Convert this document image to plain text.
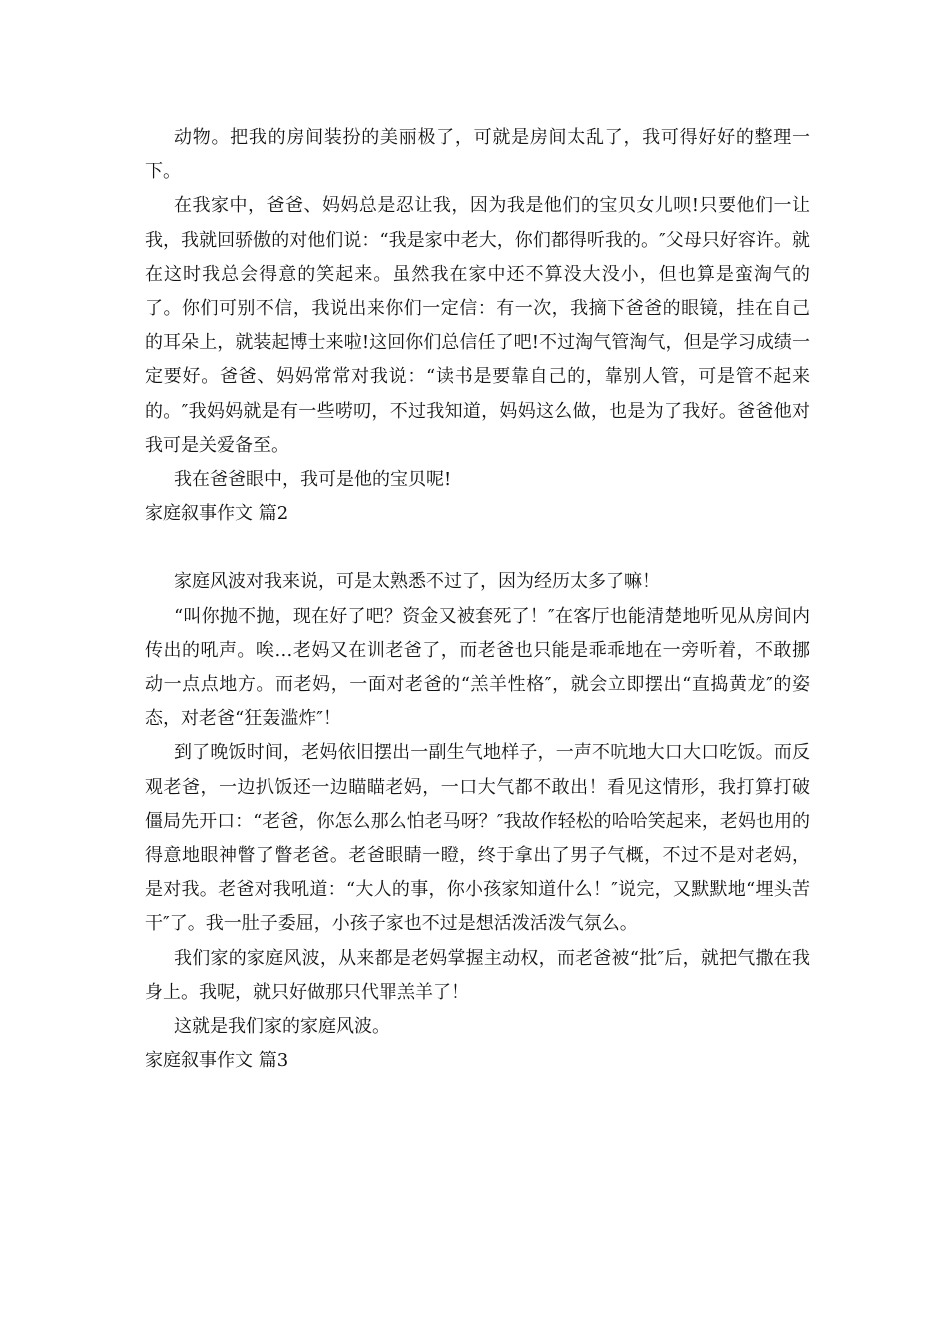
动物。把我的房间装扮的美丽极了，可就是房间太乱了，我可得好好的整理一下。

在我家中，爸爸、妈妈总是忍让我，因为我是他们的宝贝女儿呗!只要他们一让我，我就回骄傲的对他们说：“我是家中老大，你们都得听我的。″父母只好容许。就在这时我总会得意的笑起来。虽然我在家中还不算没大没小，但也算是蛮淘气的了。你们可别不信，我说出来你们一定信：有一次，我摘下爸爸的眼镜，挂在自己的耳朵上，就装起博士来啦!这回你们总信任了吧!不过淘气管淘气，但是学习成绩一定要好。爸爸、妈妈常常对我说：“读书是要靠自己的，靠别人管，可是管不起来的。″我妈妈就是有一些唠叨，不过我知道，妈妈这么做，也是为了我好。爸爸他对我可是关爱备至。

我在爸爸眼中，我可是他的宝贝呢!

家庭叙事作文 篇2

家庭风波对我来说，可是太熟悉不过了，因为经历太多了嘛！

“叫你抛不抛，现在好了吧？资金又被套死了！″在客厅也能清楚地听见从房间内传出的吼声。唉…老妈又在训老爸了，而老爸也只能是乖乖地在一旁听着，不敢挪动一点点地方。而老妈，一面对老爸的“羔羊性格″，就会立即摆出“直捣黄龙″的姿态，对老爸“狂轰滥炸″！

到了晚饭时间，老妈依旧摆出一副生气地样子，一声不吭地大口大口吃饭。而反观老爸，一边扒饭还一边瞄瞄老妈，一口大气都不敢出！看见这情形，我打算打破僵局先开口：“老爸，你怎么那么怕老马呀？″我故作轻松的哈哈笑起来，老妈也用的得意地眼神瞥了瞥老爸。老爸眼睛一瞪，终于拿出了男子气概，不过不是对老妈，是对我。老爸对我吼道：“大人的事，你小孩家知道什么！″说完，又默默地“埋头苦干″了。我一肚子委屈，小孩子家也不过是想活泼活泼气氛么。

我们家的家庭风波，从来都是老妈掌握主动权，而老爸被“批″后，就把气撒在我身上。我呢，就只好做那只代罪羔羊了！

这就是我们家的家庭风波。

家庭叙事作文 篇3
